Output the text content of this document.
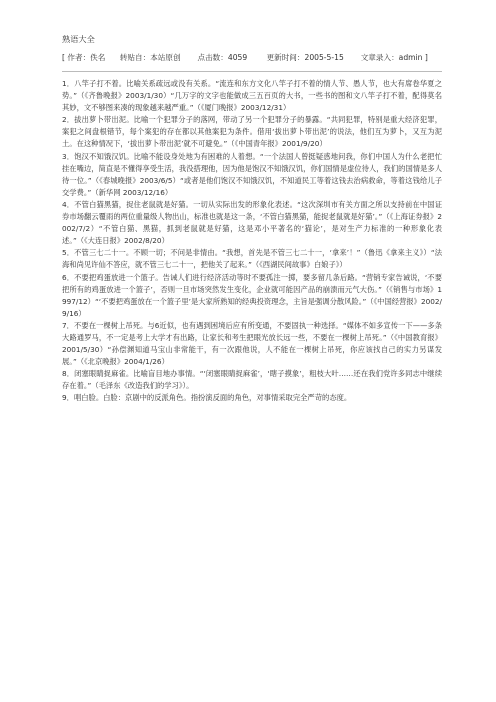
熟语大全

[ 作者：佚名 转贴自：本站原创 点击数：4059	更新时间：2005-5-15 文章录入：admin ]

1．八竿子打不着。比喻关系疏远或没有关系。“流连和东方文化八竿子打不着的情人节、愚人节，也大有席卷华夏之势。”（《齐鲁晚报》2003/1/30）“几万字的文字也能做成三五百页的大书，一些书的图和文八竿子打不着，配得莫名其妙，文不够图来凑的现象越来越严重。”（《厦门晚报》2003/12/31）

2．拔出萝卜带出泥。比喻一个犯罪分子的落网，带动了另一个犯罪分子的暴露。“共同犯罪，特别是重大经济犯罪，案犯之间盘根错节，每个案犯的存在都以其他案犯为条件。借用‘拔出萝卜带出泥’的说法，他们互为萝卜，又互为泥土。在这种情况下，‘拔出萝卜带出泥’就不可避免。”（《中国青年报》2001/9/20）

3．饱汉不知饿汉饥。比喻不能设身处地为有困难的人着想。“一个法国人曾挺疑惑地问我，你们中国人为什么老把忙挂在嘴边，简直是不懂得享受生活，我没搭理他，因为他是饱汉不知饿汉饥，你们国情是虚位待人，我们的国情是多人待一位。”（《春城晚报》2003/6/5）“或者是他们饱汉不知饿汉饥，不知道民工等着这钱去治病救命，等着这钱给儿子交学费。”（新华网 2003/12/16）

4．不管白猫黑猫，捉住老鼠就是好猫。一切从实际出发的形象化表述。“这次深圳市有关方面之所以支持前在中国证券市场翻云覆雨的两位重量级人物出山，标准也就是这一条，‘不管白猫黑猫，能捉老鼠就是好猫’。”（《上海证券报》2002/7/2）“不管白猫、黑猫，抓到老鼠就是好猫，这是邓小平著名的‘猫论’，是对生产力标准的一种形象化表述。”（《大连日报》2002/8/20）

5．不管三七二十一。不顾一切；不问是非情由。“我想，首先是不管三七二十一，‘拿来’！”（鲁迅《拿来主义》）“法海和尚见许仙不答应，就不管三七二十一，把他关了起来。”（《西湖民间故事》白娘子》）

6．不要把鸡蛋放进一个篮子。告诫人们进行经济活动等时不要孤注一掷，要多留几条后路。“营销专家告诫说，‘不要把所有的鸡蛋放进一个篮子’，否则一旦市场突然发生变化，企业就可能因产品的崩溃而元气大伤。”（《销售与市场》1997/12）“‘不要把鸡蛋放在一个篮子里’是大家所熟知的经典投资理念，主旨是强调分散风险。”（《中国经营报》2002/9/16）

7．不要在一棵树上吊死。与6近似，也有遇到困境后应有所变通，不要固执一种选择。“媒体不如多宣传一下——多条大路通罗马，不一定是考上大学才有出路，让家长和考生把眼光放长远一些，不要在一棵树上吊死。”（《中国教育报》2001/5/30）“孙偿渊知道马宝山非常能干，有一次跟他说，人不能在一棵树上吊死，你应该找自己的实力另谋发展。”（《北京晚报》2004/1/26）

8．闭塞眼睛捉麻雀。比喻盲目地办事情。“‘闭塞眼睛捉麻雀’，‘瞎子摸象’，粗枝大叶……还在我们党许多同志中继续存在着。”（毛泽东《改造我们的学习》）。

9．唱白脸。白脸：京剧中的反派角色。指扮演反面的角色，对事情采取完全严苛的态度。
